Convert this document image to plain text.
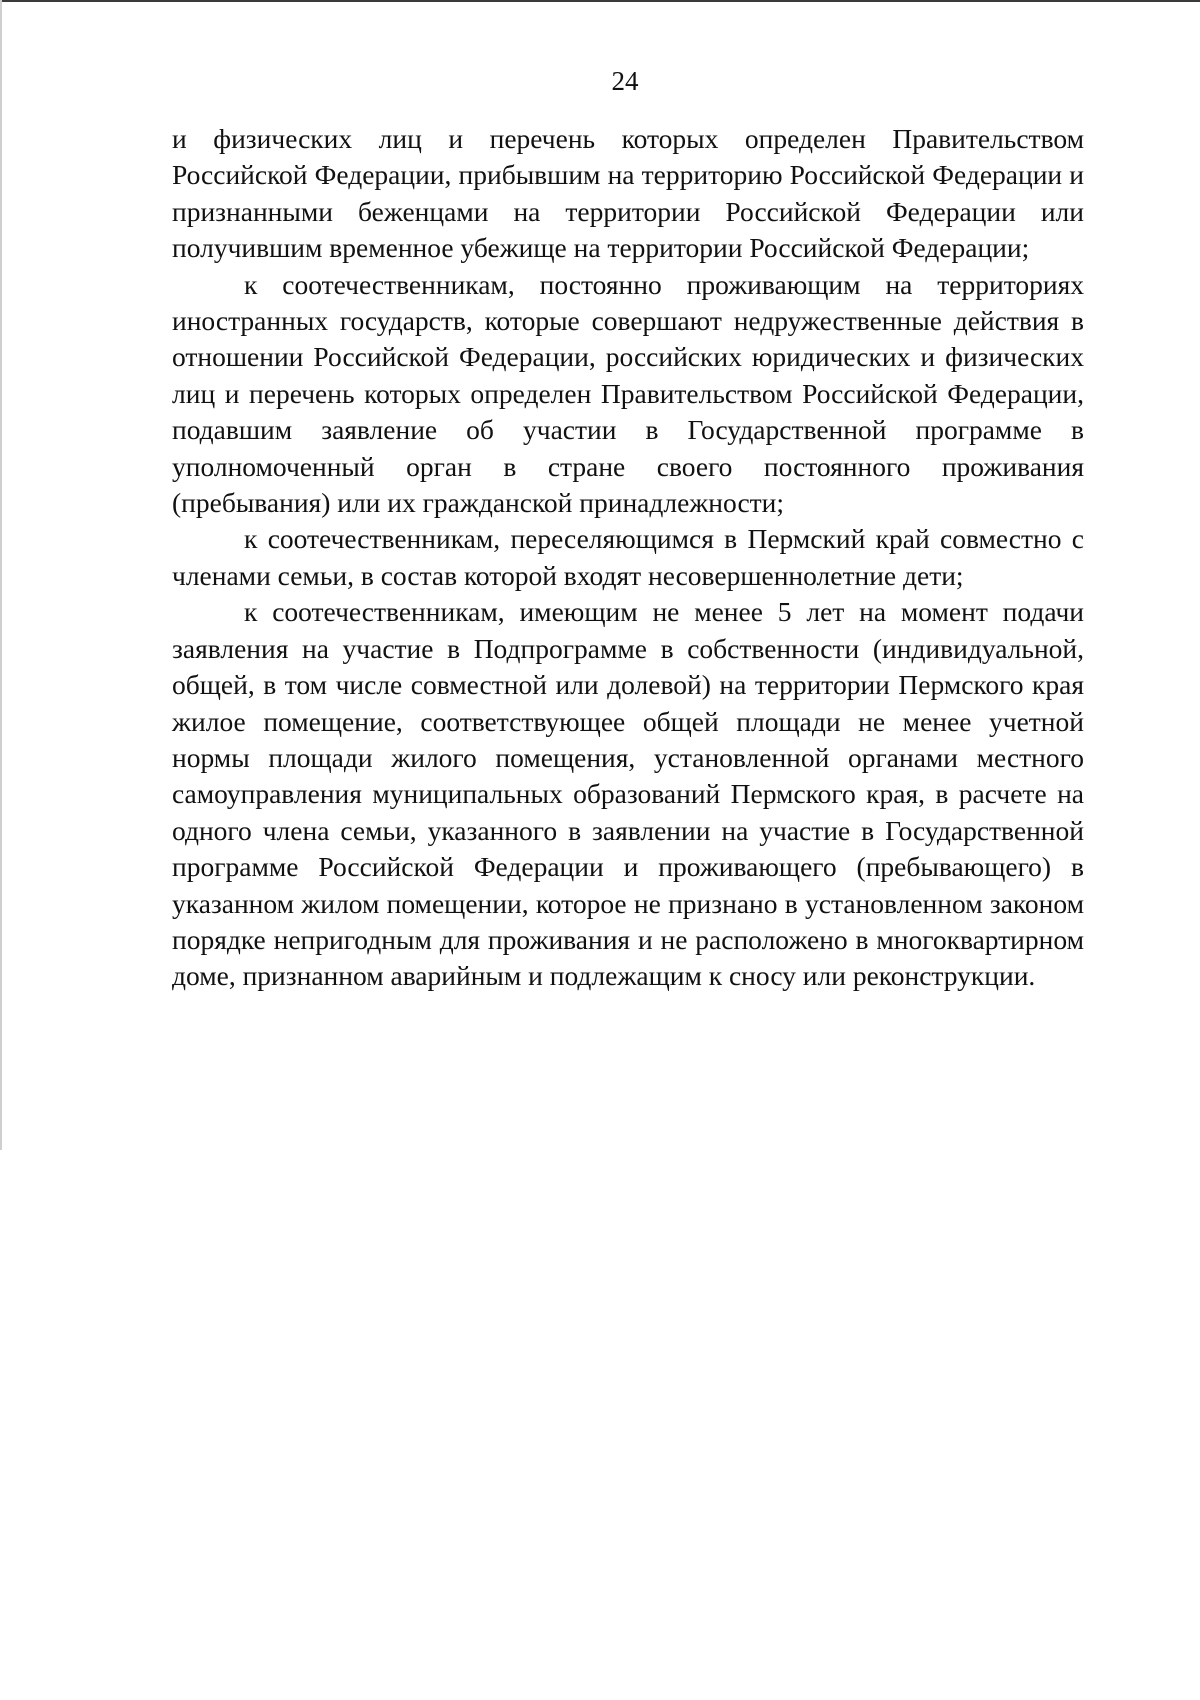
24

и физических лиц и перечень которых определен Правительством Российской Федерации, прибывшим на территорию Российской Федерации и признанными беженцами на территории Российской Федерации или получившим временное убежище на территории Российской Федерации;

к соотечественникам, постоянно проживающим на территориях иностранных государств, которые совершают недружественные действия в отношении Российской Федерации, российских юридических и физических лиц и перечень которых определен Правительством Российской Федерации, подавшим заявление об участии в Государственной программе в уполномоченный орган в стране своего постоянного проживания (пребывания) или их гражданской принадлежности;

к соотечественникам, переселяющимся в Пермский край совместно с членами семьи, в состав которой входят несовершеннолетние дети;

к соотечественникам, имеющим не менее 5 лет на момент подачи заявления на участие в Подпрограмме в собственности (индивидуальной, общей, в том числе совместной или долевой) на территории Пермского края жилое помещение, соответствующее общей площади не менее учетной нормы площади жилого помещения, установленной органами местного самоуправления муниципальных образований Пермского края, в расчете на одного члена семьи, указанного в заявлении на участие в Государственной программе Российской Федерации и проживающего (пребывающего) в указанном жилом помещении, которое не признано в установленном законом порядке непригодным для проживания и не расположено в многоквартирном доме, признанном аварийным и подлежащим к сносу или реконструкции.
